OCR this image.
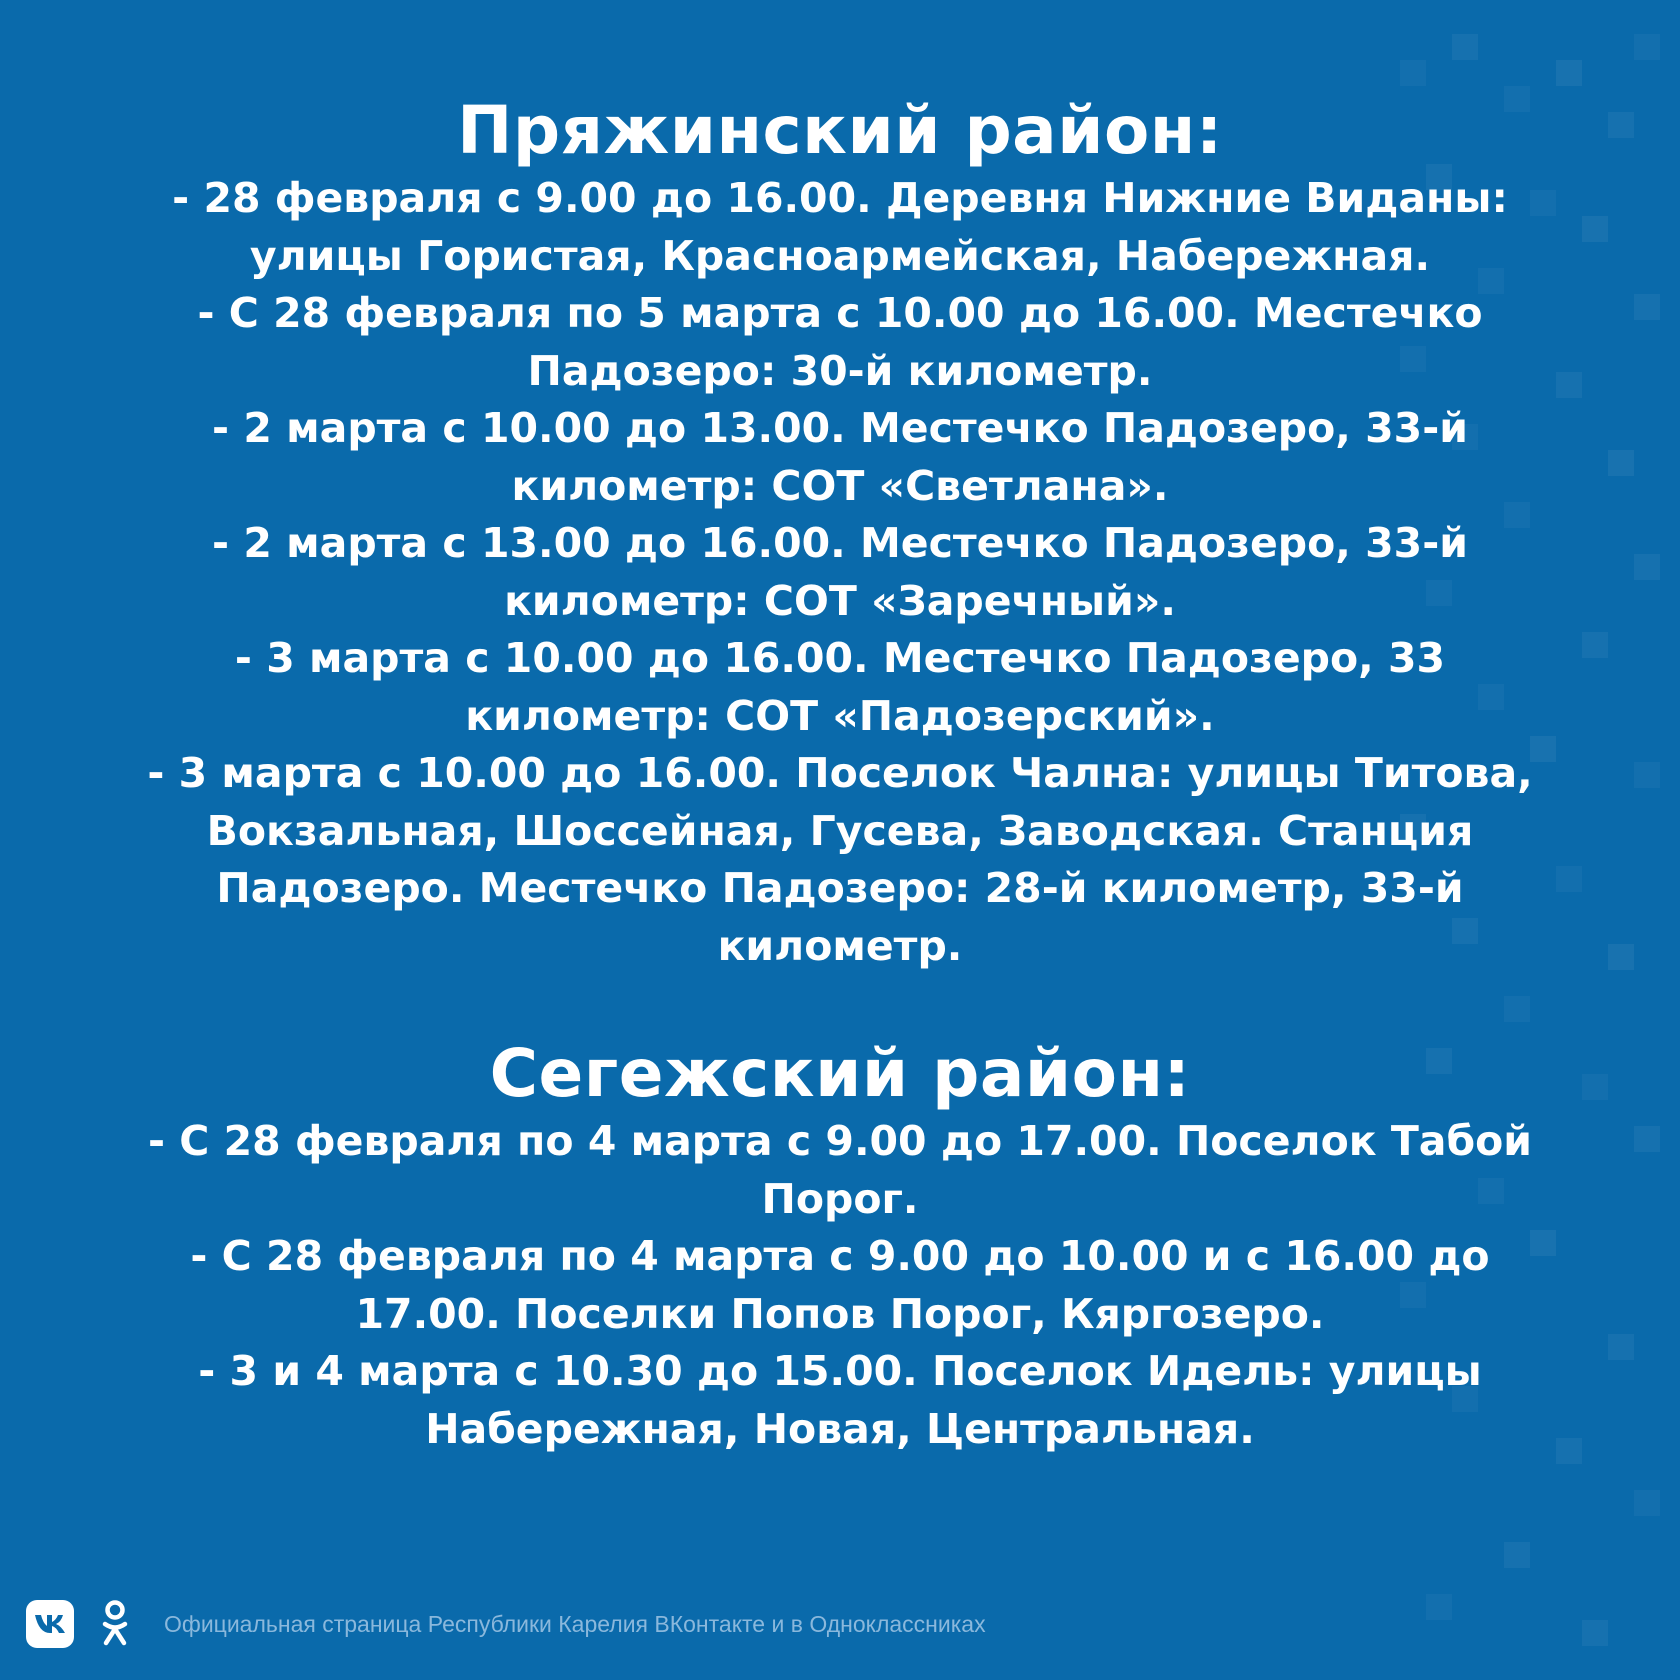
Пряжинский район:

- 28 февраля с 9.00 до 16.00. Деревня Нижние Виданы:

улицы Гористая, Красноармейская, Набережная.

- С 28 февраля по 5 марта с 10.00 до 16.00. Местечко

Падозеро: 30-й километр.

- 2 марта с 10.00 до 13.00. Местечко Падозеро, 33-й

километр: СОТ «Светлана».

- 2 марта с 13.00 до 16.00. Местечко Падозеро, 33-й

километр: СОТ «Заречный».

- 3 марта с 10.00 до 16.00. Местечко Падозеро, 33

километр: СОТ «Падозерский».

- 3 марта с 10.00 до 16.00. Поселок Чална: улицы Титова,

Вокзальная, Шоссейная, Гусева, Заводская. Станция

Падозеро. Местечко Падозеро: 28-й километр, 33-й

километр.

Сегежский район:

- С 28 февраля по 4 марта с 9.00 до 17.00. Поселок Табой

Порог.

- С 28 февраля по 4 марта с 9.00 до 10.00 и с 16.00 до

17.00. Поселки Попов Порог, Кяргозеро.

- 3 и 4 марта с 10.30 до 15.00. Поселок Идель: улицы

Набережная, Новая, Центральная.

Официальная страница Республики Карелия ВКонтакте и в Одноклассниках
